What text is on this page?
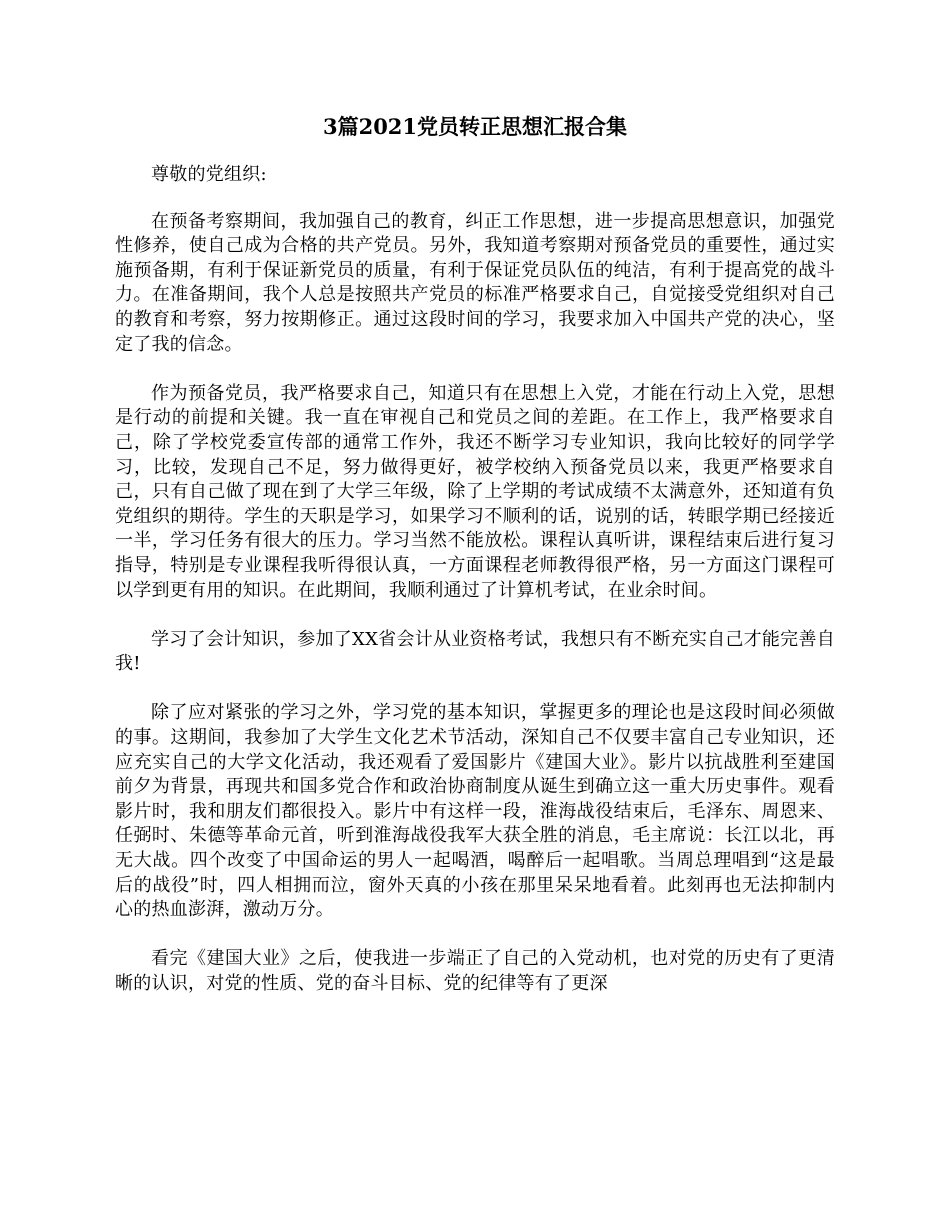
3篇2021党员转正思想汇报合集

尊敬的党组织:

在预备考察期间，我加强自己的教育，纠正工作思想，进一步提高思想意识，加强党性修养，使自己成为合格的共产党员。另外，我知道考察期对预备党员的重要性，通过实施预备期，有利于保证新党员的质量，有利于保证党员队伍的纯洁，有利于提高党的战斗力。在准备期间，我个人总是按照共产党员的标准严格要求自己，自觉接受党组织对自己的教育和考察，努力按期修正。通过这段时间的学习，我要求加入中国共产党的决心，坚定了我的信念。

作为预备党员，我严格要求自己，知道只有在思想上入党，才能在行动上入党，思想是行动的前提和关键。我一直在审视自己和党员之间的差距。在工作上，我严格要求自己，除了学校党委宣传部的通常工作外，我还不断学习专业知识，我向比较好的同学学习，比较，发现自己不足，努力做得更好，被学校纳入预备党员以来，我更严格要求自己，只有自己做了现在到了大学三年级，除了上学期的考试成绩不太满意外，还知道有负党组织的期待。学生的天职是学习，如果学习不顺利的话，说别的话，转眼学期已经接近一半，学习任务有很大的压力。学习当然不能放松。课程认真听讲，课程结束后进行复习指导，特别是专业课程我听得很认真，一方面课程老师教得很严格，另一方面这门课程可以学到更有用的知识。在此期间，我顺利通过了计算机考试，在业余时间。

学习了会计知识，参加了XX省会计从业资格考试，我想只有不断充实自己才能完善自我!

除了应对紧张的学习之外，学习党的基本知识，掌握更多的理论也是这段时间必须做的事。这期间，我参加了大学生文化艺术节活动，深知自己不仅要丰富自己专业知识，还应充实自己的大学文化活动，我还观看了爱国影片《建国大业》。影片以抗战胜利至建国前夕为背景，再现共和国多党合作和政治协商制度从诞生到确立这一重大历史事件。观看影片时，我和朋友们都很投入。影片中有这样一段，淮海战役结束后，毛泽东、周恩来、任弼时、朱德等革命元首，听到淮海战役我军大获全胜的消息，毛主席说：长江以北，再无大战。四个改变了中国命运的男人一起喝酒，喝醉后一起唱歌。当周总理唱到“这是最后的战役”时，四人相拥而泣，窗外天真的小孩在那里呆呆地看着。此刻再也无法抑制内心的热血澎湃，激动万分。

看完《建国大业》之后，使我进一步端正了自己的入党动机，也对党的历史有了更清晰的认识，对党的性质、党的奋斗目标、党的纪律等有了更深
